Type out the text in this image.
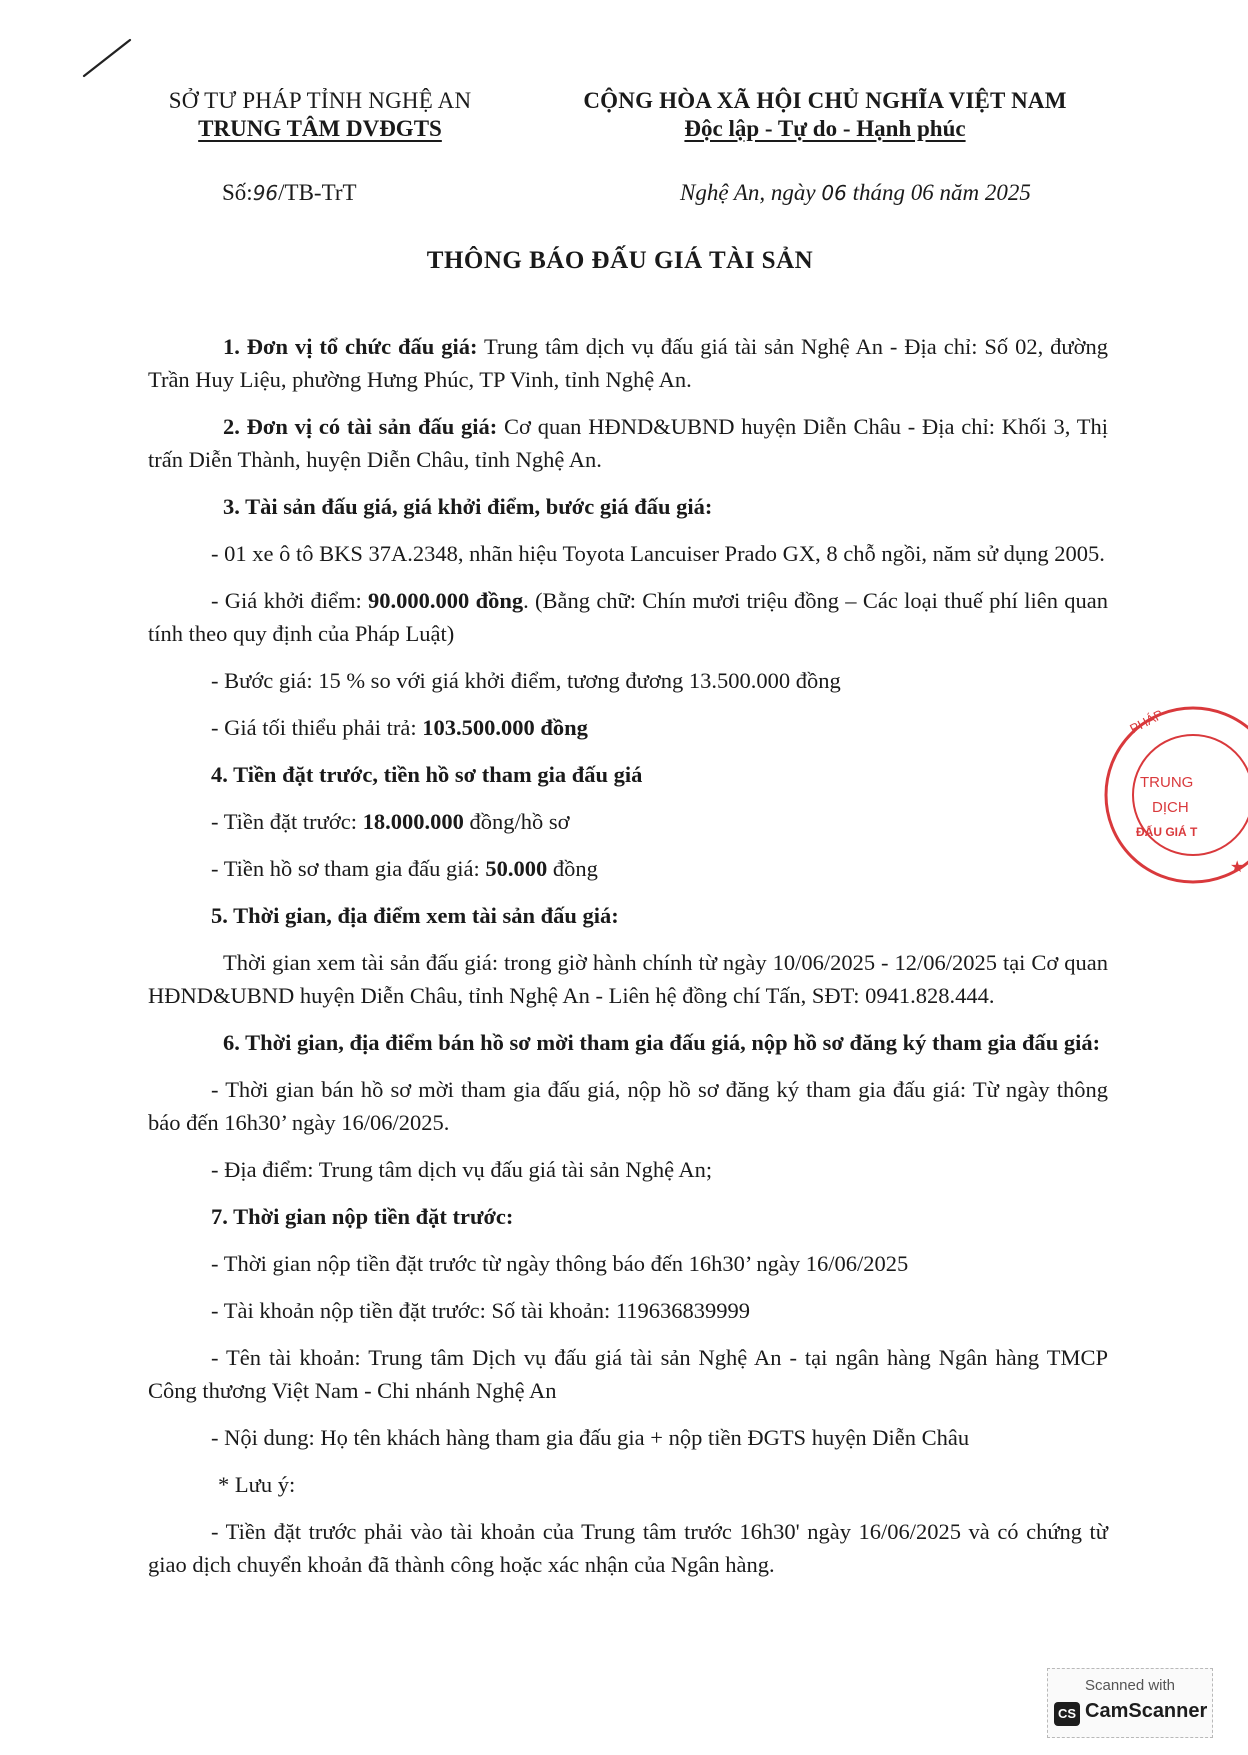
SỞ TƯ PHÁP TỈNH NGHỆ AN
TRUNG TÂM DVĐGTS
CỘNG HÒA XÃ HỘI CHỦ NGHĨA VIỆT NAM
Độc lập - Tự do - Hạnh phúc
Số:96/TB-TrT	Nghệ An, ngày 06 tháng 06 năm 2025
THÔNG BÁO ĐẤU GIÁ TÀI SẢN

1. Đơn vị tổ chức đấu giá: Trung tâm dịch vụ đấu giá tài sản Nghệ An - Địa chỉ: Số 02, đường Trần Huy Liệu, phường Hưng Phúc, TP Vinh, tỉnh Nghệ An.

2. Đơn vị có tài sản đấu giá: Cơ quan HĐND&UBND huyện Diễn Châu - Địa chỉ: Khối 3, Thị trấn Diễn Thành, huyện Diễn Châu, tỉnh Nghệ An.

3. Tài sản đấu giá, giá khởi điểm, bước giá đấu giá:

- 01 xe ô tô BKS 37A.2348, nhãn hiệu Toyota Lancuiser Prado GX, 8 chỗ ngồi, năm sử dụng 2005.

- Giá khởi điểm: 90.000.000 đồng. (Bằng chữ: Chín mươi triệu đồng – Các loại thuế phí liên quan tính theo quy định của Pháp Luật)

- Bước giá: 15 % so với giá khởi điểm, tương đương 13.500.000 đồng

- Giá tối thiểu phải trả: 103.500.000 đồng

4. Tiền đặt trước, tiền hồ sơ tham gia đấu giá

- Tiền đặt trước: 18.000.000 đồng/hồ sơ

- Tiền hồ sơ tham gia đấu giá: 50.000 đồng

5. Thời gian, địa điểm xem tài sản đấu giá:

Thời gian xem tài sản đấu giá: trong giờ hành chính từ ngày 10/06/2025 - 12/06/2025 tại Cơ quan HĐND&UBND huyện Diễn Châu, tỉnh Nghệ An - Liên hệ đồng chí Tấn, SĐT: 0941.828.444.

6. Thời gian, địa điểm bán hồ sơ mời tham gia đấu giá, nộp hồ sơ đăng ký tham gia đấu giá:

- Thời gian bán hồ sơ mời tham gia đấu giá, nộp hồ sơ đăng ký tham gia đấu giá: Từ ngày thông báo đến 16h30’ ngày 16/06/2025.

- Địa điểm: Trung tâm dịch vụ đấu giá tài sản Nghệ An;

7. Thời gian nộp tiền đặt trước:

- Thời gian nộp tiền đặt trước từ ngày thông báo đến 16h30’ ngày 16/06/2025

- Tài khoản nộp tiền đặt trước: Số tài khoản: 119636839999

- Tên tài khoản: Trung tâm Dịch vụ đấu giá tài sản Nghệ An - tại ngân hàng Ngân hàng TMCP Công thương Việt Nam - Chi nhánh Nghệ An

- Nội dung: Họ tên khách hàng tham gia đấu gia + nộp tiền ĐGTS huyện Diễn Châu

* Lưu ý:

- Tiền đặt trước phải vào tài khoản của Trung tâm trước 16h30' ngày 16/06/2025 và có chứng từ giao dịch chuyển khoản đã thành công hoặc xác nhận của Ngân hàng.

PHÁP
TRUNG
DỊCH
ĐẤU GIÁ T
★
Scanned with
CS CamScanner
